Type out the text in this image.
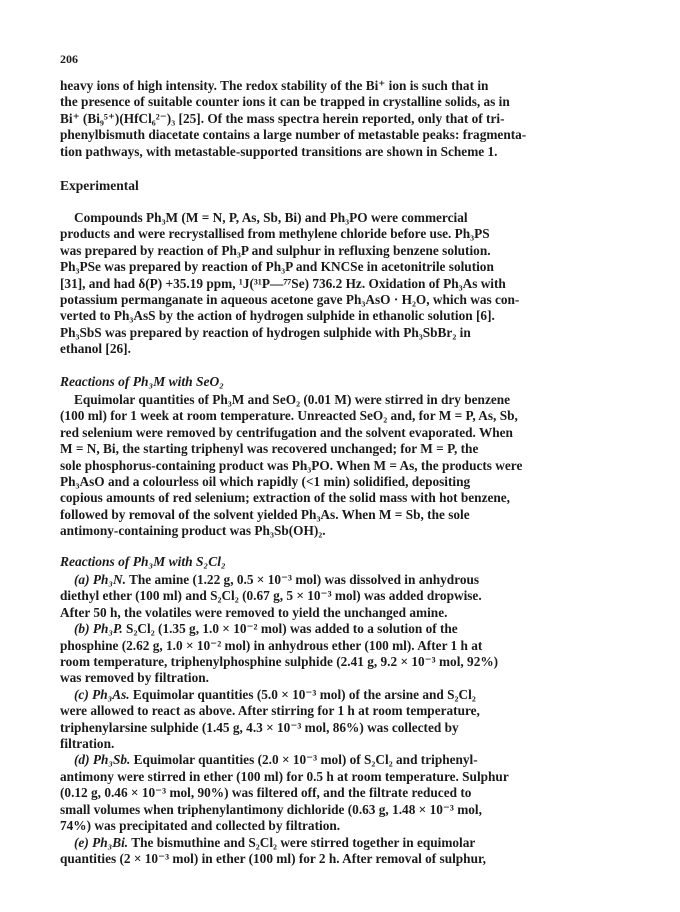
206
heavy ions of high intensity. The redox stability of the Bi⁺ ion is such that in
the presence of suitable counter ions it can be trapped in crystalline solids, as in
Bi⁺ (Bi₉⁵⁺)(HfCl₆²⁻)₃ [25]. Of the mass spectra herein reported, only that of tri-
phenylbismuth diacetate contains a large number of metastable peaks: fragmenta-
tion pathways, with metastable-supported transitions are shown in Scheme 1.
Experimental
Compounds Ph₃M (M = N, P, As, Sb, Bi) and Ph₃PO were commercial
products and were recrystallised from methylene chloride before use. Ph₃PS
was prepared by reaction of Ph₃P and sulphur in refluxing benzene solution.
Ph₃PSe was prepared by reaction of Ph₃P and KNCSe in acetonitrile solution
[31], and had δ(P) +35.19 ppm, ¹J(³¹P—⁷⁷Se) 736.2 Hz. Oxidation of Ph₃As with
potassium permanganate in aqueous acetone gave Ph₃AsO · H₂O, which was con-
verted to Ph₃AsS by the action of hydrogen sulphide in ethanolic solution [6].
Ph₃SbS was prepared by reaction of hydrogen sulphide with Ph₃SbBr₂ in
ethanol [26].
Reactions of Ph₃M with SeO₂
Equimolar quantities of Ph₃M and SeO₂ (0.01 M) were stirred in dry benzene
(100 ml) for 1 week at room temperature. Unreacted SeO₂ and, for M = P, As, Sb,
red selenium were removed by centrifugation and the solvent evaporated. When
M = N, Bi, the starting triphenyl was recovered unchanged; for M = P, the
sole phosphorus-containing product was Ph₃PO. When M = As, the products were
Ph₃AsO and a colourless oil which rapidly (<1 min) solidified, depositing
copious amounts of red selenium; extraction of the solid mass with hot benzene,
followed by removal of the solvent yielded Ph₃As. When M = Sb, the sole
antimony-containing product was Ph₃Sb(OH)₂.
Reactions of Ph₃M with S₂Cl₂
(a) Ph₃N. The amine (1.22 g, 0.5 × 10⁻³ mol) was dissolved in anhydrous
diethyl ether (100 ml) and S₂Cl₂ (0.67 g, 5 × 10⁻³ mol) was added dropwise.
After 50 h, the volatiles were removed to yield the unchanged amine.
(b) Ph₃P. S₂Cl₂ (1.35 g, 1.0 × 10⁻² mol) was added to a solution of the
phosphine (2.62 g, 1.0 × 10⁻² mol) in anhydrous ether (100 ml). After 1 h at
room temperature, triphenylphosphine sulphide (2.41 g, 9.2 × 10⁻³ mol, 92%)
was removed by filtration.
(c) Ph₃As. Equimolar quantities (5.0 × 10⁻³ mol) of the arsine and S₂Cl₂
were allowed to react as above. After stirring for 1 h at room temperature,
triphenylarsine sulphide (1.45 g, 4.3 × 10⁻³ mol, 86%) was collected by
filtration.
(d) Ph₃Sb. Equimolar quantities (2.0 × 10⁻³ mol) of S₂Cl₂ and triphenyl-
antimony were stirred in ether (100 ml) for 0.5 h at room temperature. Sulphur
(0.12 g, 0.46 × 10⁻³ mol, 90%) was filtered off, and the filtrate reduced to
small volumes when triphenylantimony dichloride (0.63 g, 1.48 × 10⁻³ mol,
74%) was precipitated and collected by filtration.
(e) Ph₃Bi. The bismuthine and S₂Cl₂ were stirred together in equimolar
quantities (2 × 10⁻³ mol) in ether (100 ml) for 2 h. After removal of sulphur,
